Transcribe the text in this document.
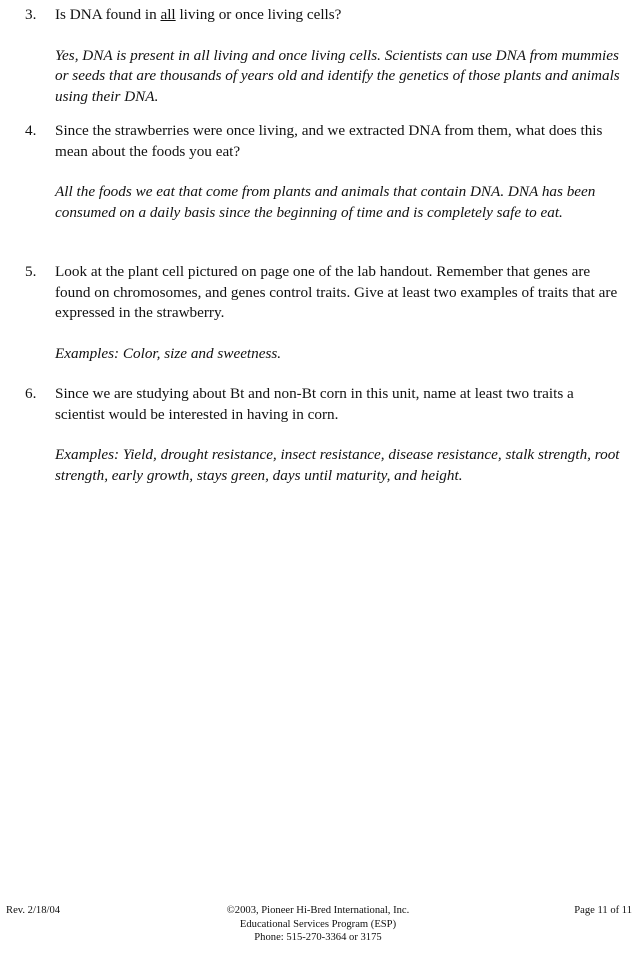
3.	Is DNA found in all living or once living cells?

Yes, DNA is present in all living and once living cells. Scientists can use DNA from mummies or seeds that are thousands of years old and identify the genetics of those plants and animals using their DNA.

4.	Since the strawberries were once living, and we extracted DNA from them, what does this mean about the foods you eat?

All the foods we eat that come from plants and animals that contain DNA. DNA has been consumed on a daily basis since the beginning of time and is completely safe to eat.

5.	Look at the plant cell pictured on page one of the lab handout. Remember that genes are found on chromosomes, and genes control traits. Give at least two examples of traits that are expressed in the strawberry.

Examples: Color, size and sweetness.

6.	Since we are studying about Bt and non-Bt corn in this unit, name at least two traits a scientist would be interested in having in corn.

Examples: Yield, drought resistance, insect resistance, disease resistance, stalk strength, root strength, early growth, stays green, days until maturity, and height.

Rev. 2/18/04	©2003, Pioneer Hi-Bred International, Inc.
Educational Services Program (ESP)
Phone: 515-270-3364 or 3175
Page 11 of 11
